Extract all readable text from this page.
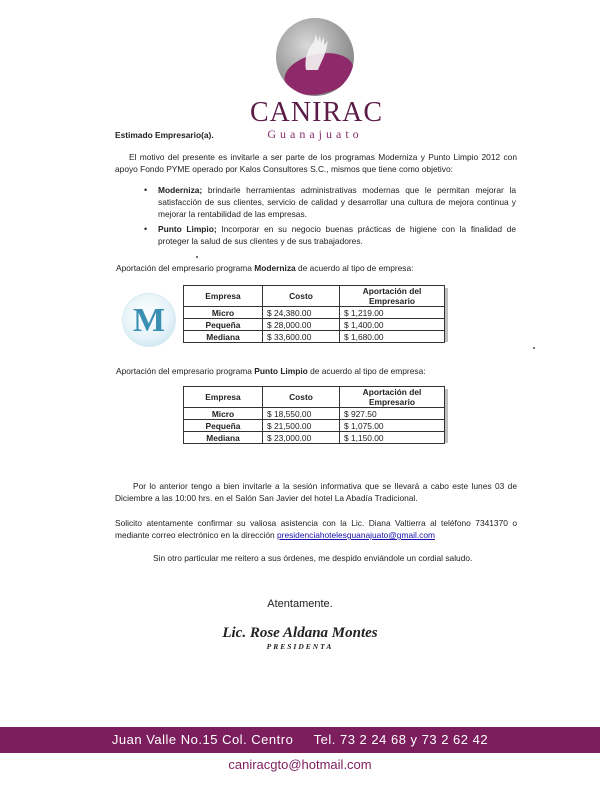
CANIRAC
Guanajuato
Estimado Empresario(a).
El motivo del presente es invitarle a ser parte de los programas Moderniza y Punto Limpio 2012 con apoyo Fondo PYME operado por Kalos Consultores S.C., mismos que tiene como objetivo:
• Moderniza; brindarle herramientas administrativas modernas que le permitan mejorar la satisfacción de sus clientes, servicio de calidad y desarrollar una cultura de mejora continua y mejorar la rentabilidad de las empresas.
• Punto Limpio; Incorporar en su negocio buenas prácticas de higiene con la finalidad de proteger la salud de sus clientes y de sus trabajadores.
Aportación del empresario programa Moderniza de acuerdo al tipo de empresa:
M
Empresa	Costo	Aportación del Empresario
Micro	$ 24,380.00	$ 1,219.00
Pequeña	$ 28,000.00	$ 1,400.00
Mediana	$ 33,600.00	$ 1,680.00
Aportación del empresario programa Punto Limpio de acuerdo al tipo de empresa:
Empresa	Costo	Aportación del Empresario
Micro	$ 18,550.00	$ 927.50
Pequeña	$ 21,500.00	$ 1,075.00
Mediana	$ 23,000.00	$ 1,150.00
Por lo anterior tengo a bien invitarle a la sesión informativa que se llevará a cabo este lunes 03 de Diciembre a las 10:00 hrs. en el Salón San Javier del hotel La Abadía Tradicional.
Solicito atentamente confirmar su valiosa asistencia con la Lic. Diana Valtierra al teléfono 7341370 o mediante correo electrónico en la dirección presidenciahotelesguanajuato@gmail.com
Sin otro particular me reitero a sus órdenes, me despido enviándole un cordial saludo.
Atentamente.
Lic. Rose Aldana Montes
PRESIDENTA
Juan Valle No.15 Col. Centro     Tel. 73 2 24 68 y 73 2 62 42
caniracgto@hotmail.com
